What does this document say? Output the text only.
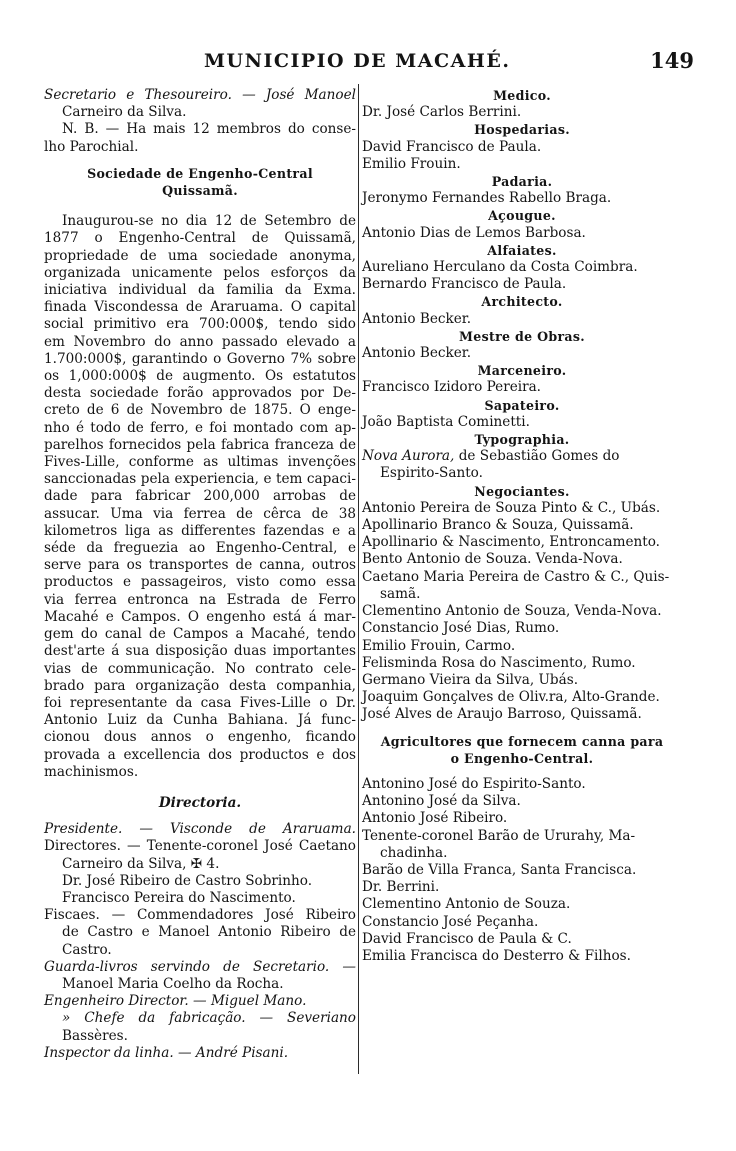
MUNICIPIO DE MACAHÉ.	149
Secretario e Thesoureiro. — José Manoel
Carneiro da Silva.
N. B. — Ha mais 12 membros do conse-
lho Parochial.
Sociedade de Engenho-Central
Quissamã.
Inaugurou-se no dia 12 de Setembro de
1877 o Engenho-Central de Quissamã,
propriedade de uma sociedade anonyma,
organizada unicamente pelos esforços da
iniciativa individual da familia da Exma.
finada Viscondessa de Araruama. O capital
social primitivo era 700:000$, tendo sido
em Novembro do anno passado elevado a
1.700:000$, garantindo o Governo 7% sobre
os 1,000:000$ de augmento. Os estatutos
desta sociedade forão approvados por De-
creto de 6 de Novembro de 1875. O enge-
nho é todo de ferro, e foi montado com ap-
parelhos fornecidos pela fabrica franceza de
Fives-Lille, conforme as ultimas invenções
sanccionadas pela experiencia, e tem capaci-
dade para fabricar 200,000 arrobas de
assucar. Uma via ferrea de cêrca de 38
kilometros liga as differentes fazendas e a
séde da freguezia ao Engenho-Central, e
serve para os transportes de canna, outros
productos e passageiros, visto como essa
via ferrea entronca na Estrada de Ferro
Macahé e Campos. O engenho está á mar-
gem do canal de Campos a Macahé, tendo
dest'arte á sua disposição duas importantes
vias de communicação. No contrato cele-
brado para organização desta companhia,
foi representante da casa Fives-Lille o Dr.
Antonio Luiz da Cunha Bahiana. Já func-
cionou dous annos o engenho, ficando
provada a excellencia dos productos e dos
machinismos.
Directoria.
Presidente. — Visconde de Araruama.
Directores. — Tenente-coronel José Caetano
Carneiro da Silva, ✠ 4.
Dr. José Ribeiro de Castro Sobrinho.
Francisco Pereira do Nascimento.
Fiscaes. — Commendadores José Ribeiro
de Castro e Manoel Antonio Ribeiro de
Castro.
Guarda-livros servindo de Secretario. —
Manoel Maria Coelho da Rocha.
Engenheiro Director. — Miguel Mano.
» Chefe da fabricação. — Severiano
Bassères.
Inspector da linha. — André Pisani.
Medico.
Dr. José Carlos Berrini.
Hospedarias.
David Francisco de Paula.
Emilio Frouin.
Padaria.
Jeronymo Fernandes Rabello Braga.
Açougue.
Antonio Dias de Lemos Barbosa.
Alfaiates.
Aureliano Herculano da Costa Coimbra.
Bernardo Francisco de Paula.
Architecto.
Antonio Becker.
Mestre de Obras.
Antonio Becker.
Marceneiro.
Francisco Izidoro Pereira.
Sapateiro.
João Baptista Cominetti.
Typographia.
Nova Aurora, de Sebastião Gomes do
Espirito-Santo.
Negociantes.
Antonio Pereira de Souza Pinto & C., Ubás.
Apollinario Branco & Souza, Quissamã.
Apollinario & Nascimento, Entroncamento.
Bento Antonio de Souza. Venda-Nova.
Caetano Maria Pereira de Castro & C., Quis-
samã.
Clementino Antonio de Souza, Venda-Nova.
Constancio José Dias, Rumo.
Emilio Frouin, Carmo.
Felisminda Rosa do Nascimento, Rumo.
Germano Vieira da Silva, Ubás.
Joaquim Gonçalves de Oliv.ra, Alto-Grande.
José Alves de Araujo Barroso, Quissamã.
Agricultores que fornecem canna para
o Engenho-Central.
Antonino José do Espirito-Santo.
Antonino José da Silva.
Antonio José Ribeiro.
Tenente-coronel Barão de Ururahy, Ma-
chadinha.
Barão de Villa Franca, Santa Francisca.
Dr. Berrini.
Clementino Antonio de Souza.
Constancio José Peçanha.
David Francisco de Paula & C.
Emilia Francisca do Desterro & Filhos.
